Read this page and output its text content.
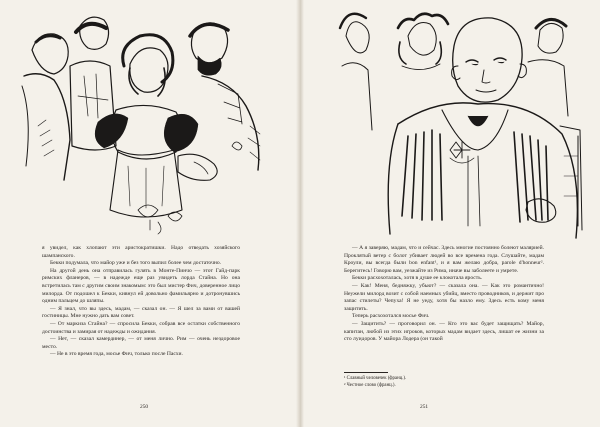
я увидел, как хлопают эти аристократишки. Надо отведать хозяйского шампанского.

Бекки подумала, что майор уже и без того выпил более чем достаточно.

На другой день она отправилась гулять в Монте-Пинчо — этот Гайд-парк римских фланеров, — в надежде еще раз увидеть лорда Стайна. Но она встретилась там с другим своим знакомым: это был мистер Фич, доверенное лицо милорда. От подошел к Бекки, кивнул ей довольно фамильярно и дотронувшись одним пальцем до шляпы.

— Я знал, что вы здесь, мадам, — сказал он. — Я шел за вами от вашей гостиницы. Мне нужно дать вам совет.

— От маркиза Стайна? — спросила Бекки, собрав все остатки собственного достоинства и замирая от надежды и ожидания.

— Нет, — сказал камердинер, — от меня лично. Рим — очень нездоровое место.

— Не в это время года, мосье Фич, только после Пасхи.

250

— А я заверяю, мадам, что и сейчас. Здесь многие постоянно болеют малярией. Проклятый ветер с болот убивает людей во все времена года. Слушайте, мадам Кроули, вы всегда были bon enfant¹, и я вам желаю добра, parole d'honneur². Берегитесь! Говорю вам, уезжайте из Рима, иначе вы заболеете и умрете.

Бекки расхохоталась, хотя в душе ее клокотала ярость.

— Как! Меня, бедняжку, убьют? — сказала она. — Как это романтично! Неужели милорд возит с собой наемных убийц, вместо проводников, и держит про запас стилеты? Чепуха! Я не уеду, хотя бы назло ему. Здесь есть кому меня защитить.

Теперь расхохотался мосье Фич.

— Защитить? — проговорил он. — Кто это вас будет защищать? Майор, капитан, любой из этих игроков, которых мадам видает здесь, лишат ее жизни за сто луидоров. У майора Лодера (он такой

¹ Славный человечек (франц.).

² Честное слово (франц.).

251
